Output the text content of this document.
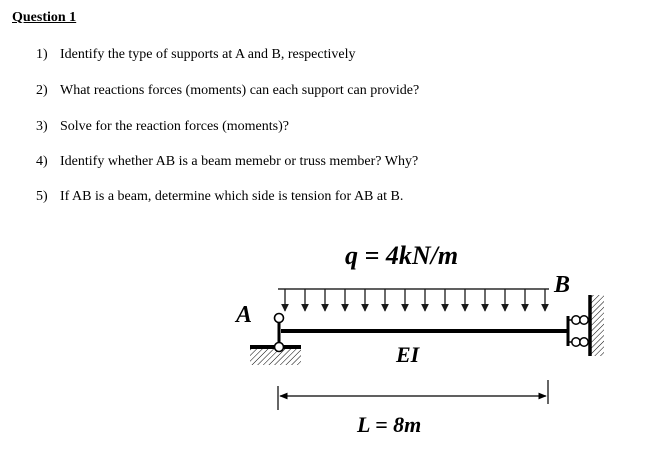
Question 1
1) Identify the type of supports at A and B, respectively
2) What reactions forces (moments) can each support can provide?
3) Solve for the reaction forces (moments)?
4) Identify whether AB is a beam memebr or truss member? Why?
5) If AB is a beam, determine which side is tension for AB at B.
q = 4kN/m
A
B
EI
L = 8m
